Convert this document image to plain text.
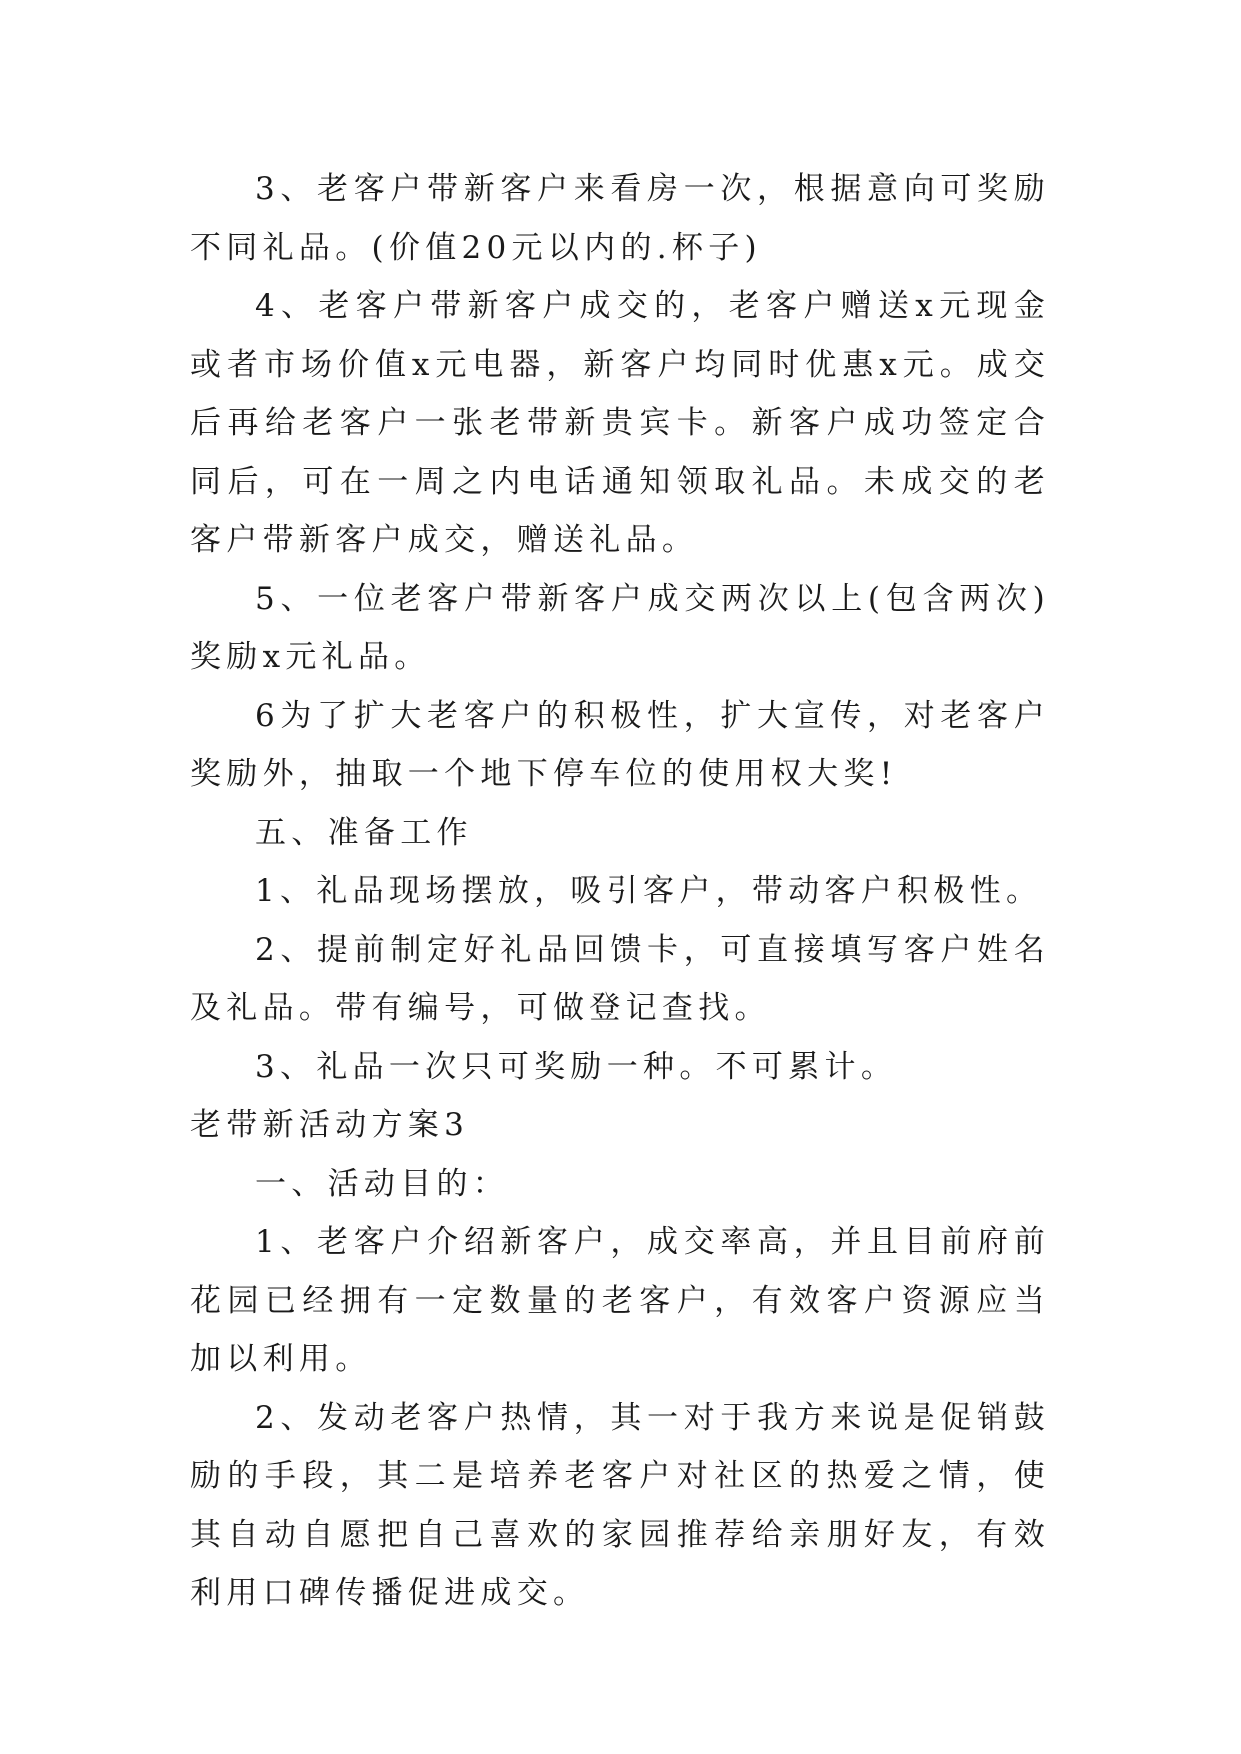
3、老客户带新客户来看房一次，根据意向可奖励不同礼品。(价值20元以内的.杯子)

4、老客户带新客户成交的，老客户赠送x元现金或者市场价值x元电器，新客户均同时优惠x元。成交后再给老客户一张老带新贵宾卡。新客户成功签定合同后，可在一周之内电话通知领取礼品。未成交的老客户带新客户成交，赠送礼品。

5、一位老客户带新客户成交两次以上(包含两次)奖励x元礼品。

6为了扩大老客户的积极性，扩大宣传，对老客户奖励外，抽取一个地下停车位的使用权大奖!

五、准备工作

1、礼品现场摆放，吸引客户，带动客户积极性。

2、提前制定好礼品回馈卡，可直接填写客户姓名及礼品。带有编号，可做登记查找。

3、礼品一次只可奖励一种。不可累计。

老带新活动方案3

一、活动目的：

1、老客户介绍新客户，成交率高，并且目前府前花园已经拥有一定数量的老客户，有效客户资源应当加以利用。

2、发动老客户热情，其一对于我方来说是促销鼓励的手段，其二是培养老客户对社区的热爱之情，使其自动自愿把自己喜欢的家园推荐给亲朋好友，有效利用口碑传播促进成交。
